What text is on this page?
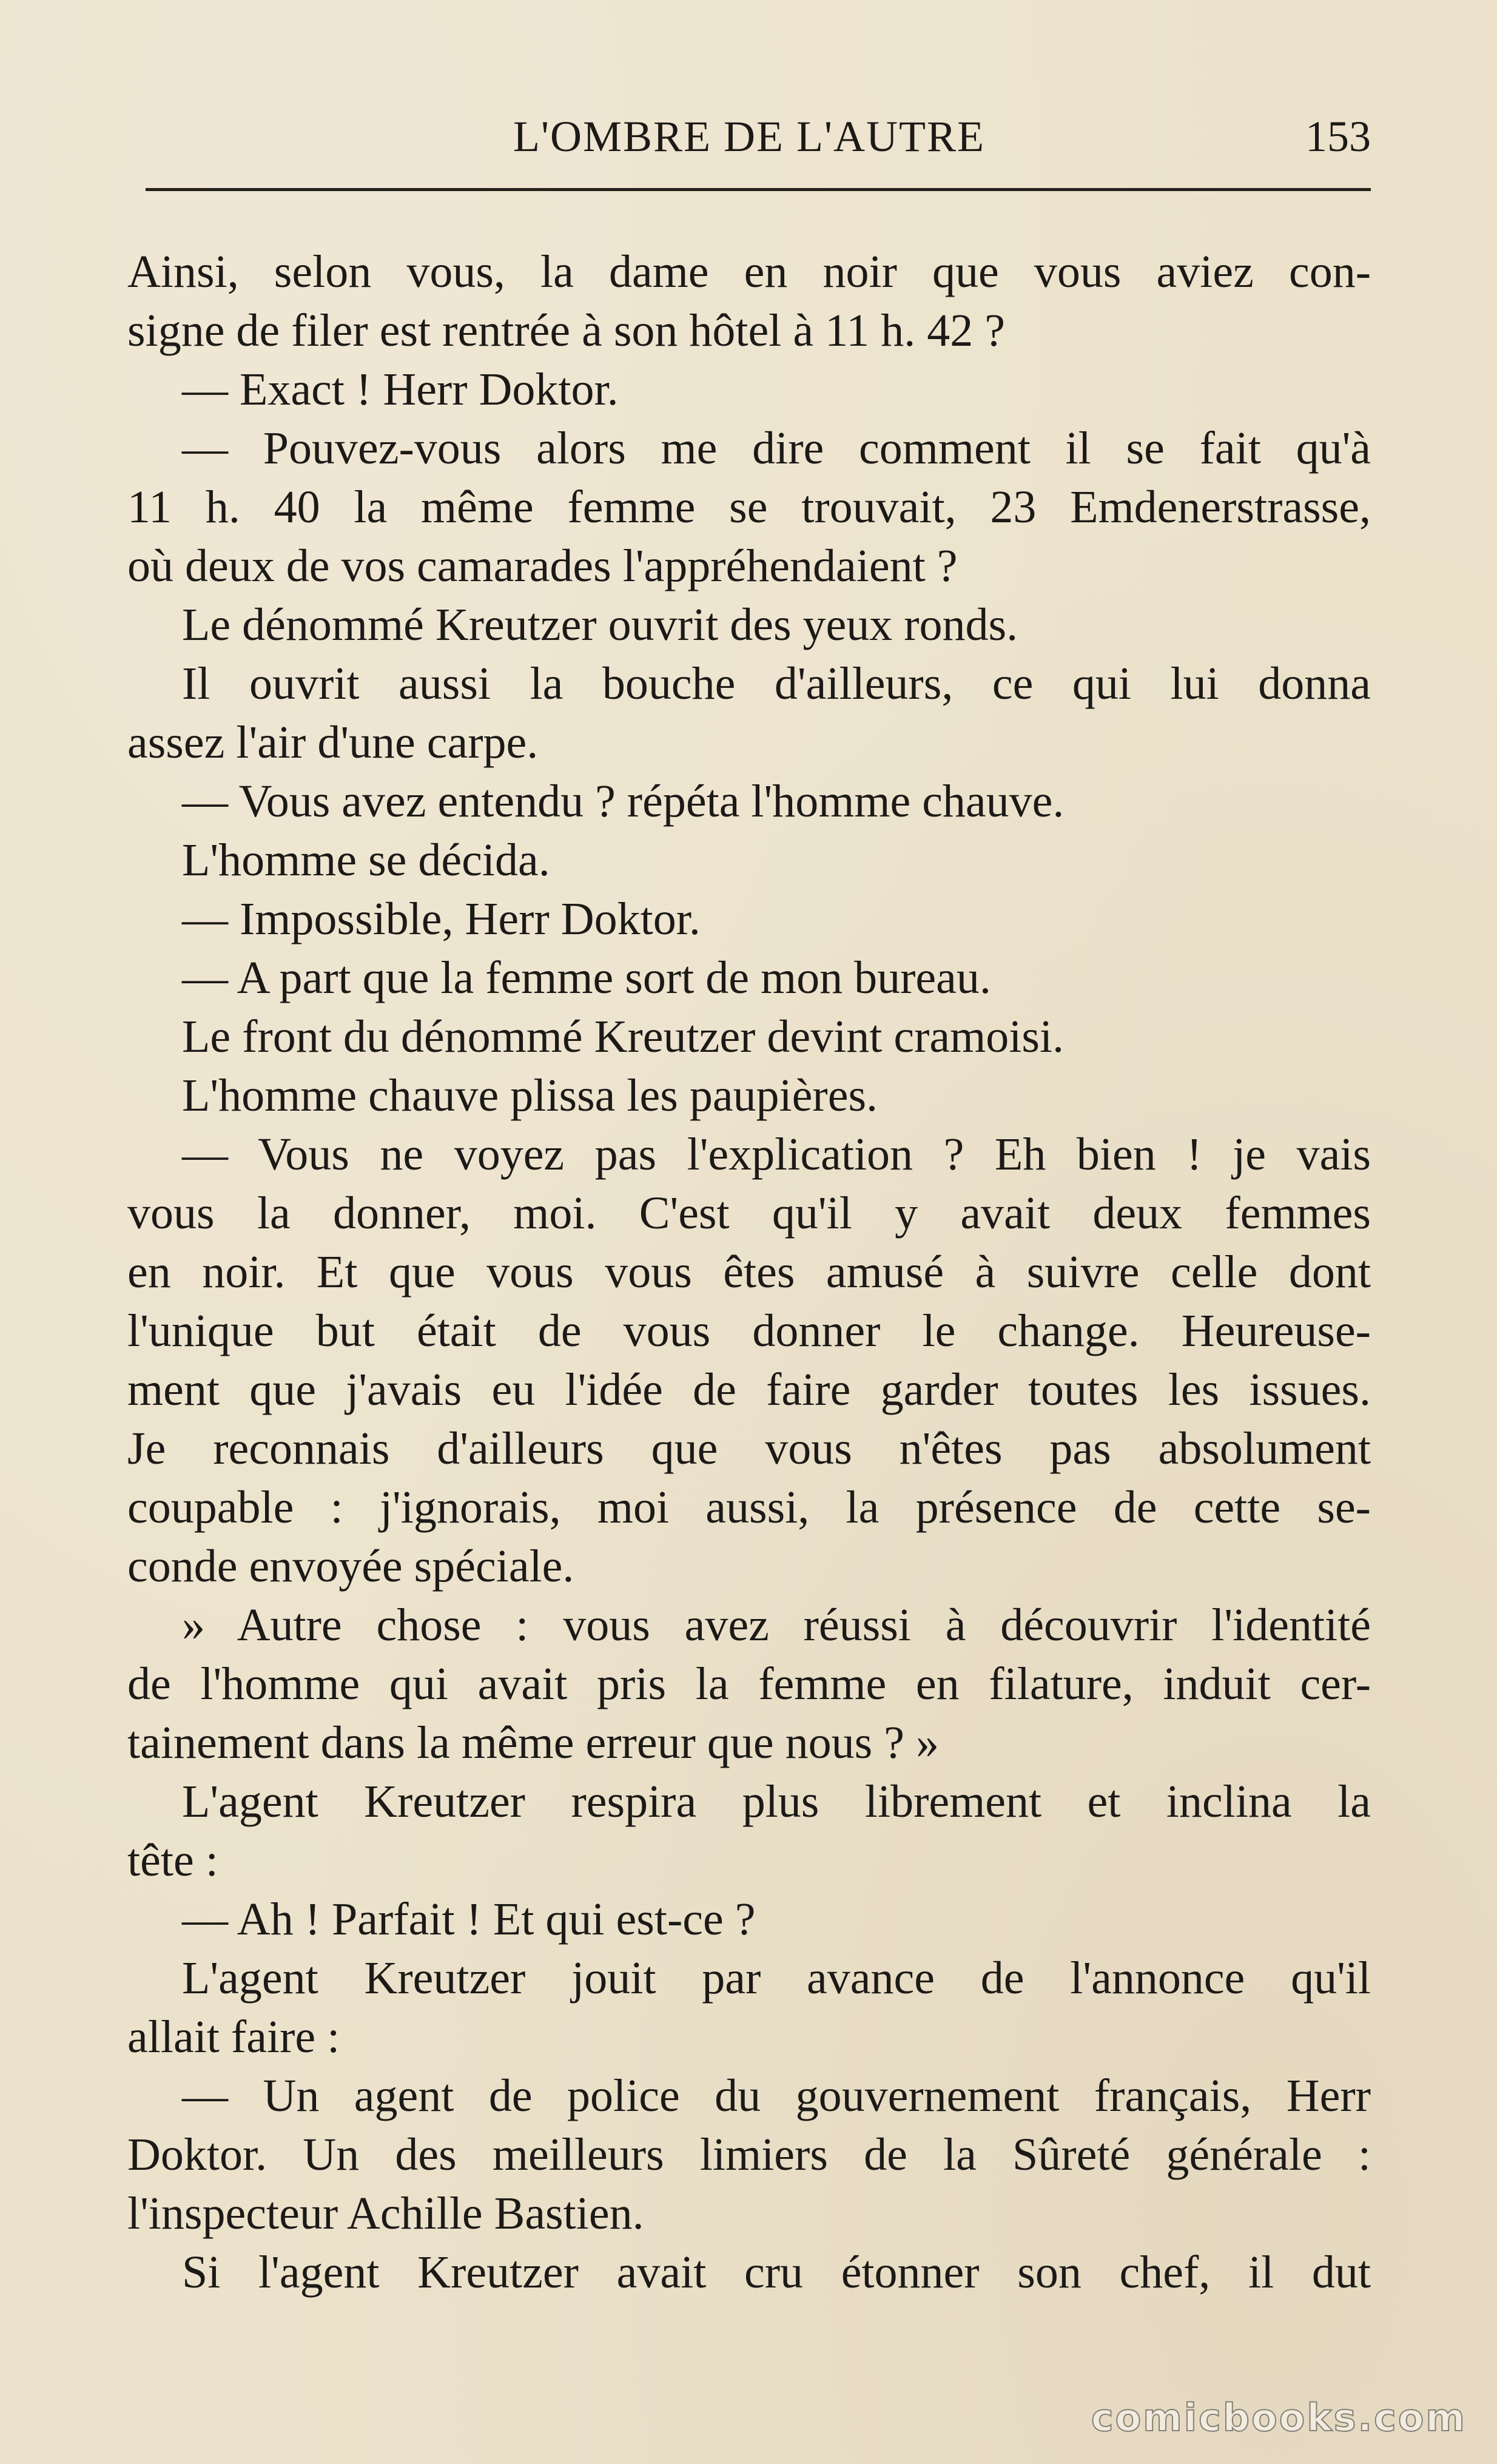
L'OMBRE DE L'AUTRE	153
Ainsi, selon vous, la dame en noir que vous aviez con-
signe de filer est rentrée à son hôtel à 11 h. 42 ?
— Exact ! Herr Doktor.
— Pouvez-vous alors me dire comment il se fait qu'à
11 h. 40 la même femme se trouvait, 23 Emdenerstrasse,
où deux de vos camarades l'appréhendaient ?
Le dénommé Kreutzer ouvrit des yeux ronds.
Il ouvrit aussi la bouche d'ailleurs, ce qui lui donna
assez l'air d'une carpe.
— Vous avez entendu ? répéta l'homme chauve.
L'homme se décida.
— Impossible, Herr Doktor.
— A part que la femme sort de mon bureau.
Le front du dénommé Kreutzer devint cramoisi.
L'homme chauve plissa les paupières.
— Vous ne voyez pas l'explication ? Eh bien ! je vais
vous la donner, moi. C'est qu'il y avait deux femmes
en noir. Et que vous vous êtes amusé à suivre celle dont
l'unique but était de vous donner le change. Heureuse-
ment que j'avais eu l'idée de faire garder toutes les issues.
Je reconnais d'ailleurs que vous n'êtes pas absolument
coupable : j'ignorais, moi aussi, la présence de cette se-
conde envoyée spéciale.
» Autre chose : vous avez réussi à découvrir l'identité
de l'homme qui avait pris la femme en filature, induit cer-
tainement dans la même erreur que nous ? »
L'agent Kreutzer respira plus librement et inclina la
tête :
— Ah ! Parfait ! Et qui est-ce ?
L'agent Kreutzer jouit par avance de l'annonce qu'il
allait faire :
— Un agent de police du gouvernement français, Herr
Doktor. Un des meilleurs limiers de la Sûreté générale :
l'inspecteur Achille Bastien.
Si l'agent Kreutzer avait cru étonner son chef, il dut
comicbooks.com
